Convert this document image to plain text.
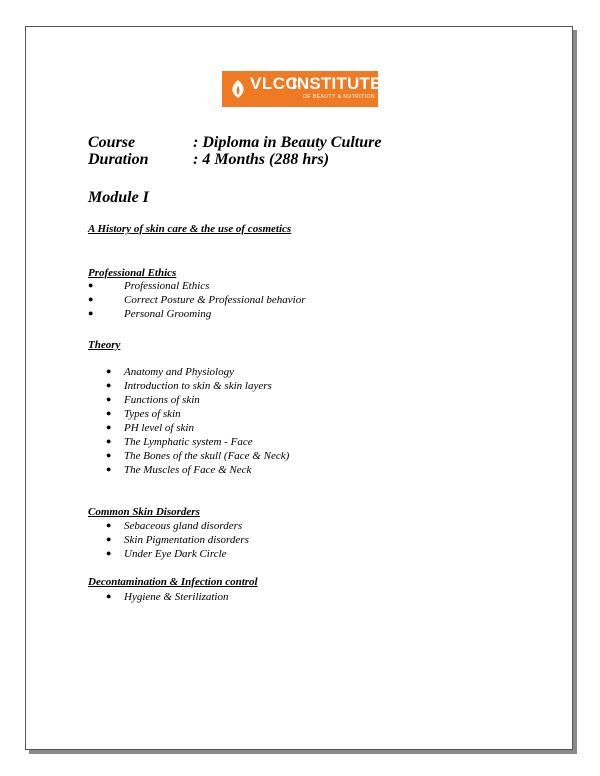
VLCC
INSTITUTE
OF BEAUTY & NUTRITION
Course	: Diploma in Beauty Culture
Duration	: 4 Months (288 hrs)
Module I
A History of skin care & the use of cosmetics
Professional Ethics
●	Professional Ethics
●	Correct Posture & Professional behavior
●	Personal Grooming
Theory
● Anatomy and Physiology
● Introduction to skin & skin layers
● Functions of skin
● Types of skin
● PH level of skin
● The Lymphatic system - Face
● The Bones of the skull (Face & Neck)
● The Muscles of Face & Neck
Common Skin Disorders
● Sebaceous gland disorders
● Skin Pigmentation disorders
● Under Eye Dark Circle
Decontamination & Infection control
● Hygiene & Sterilization
